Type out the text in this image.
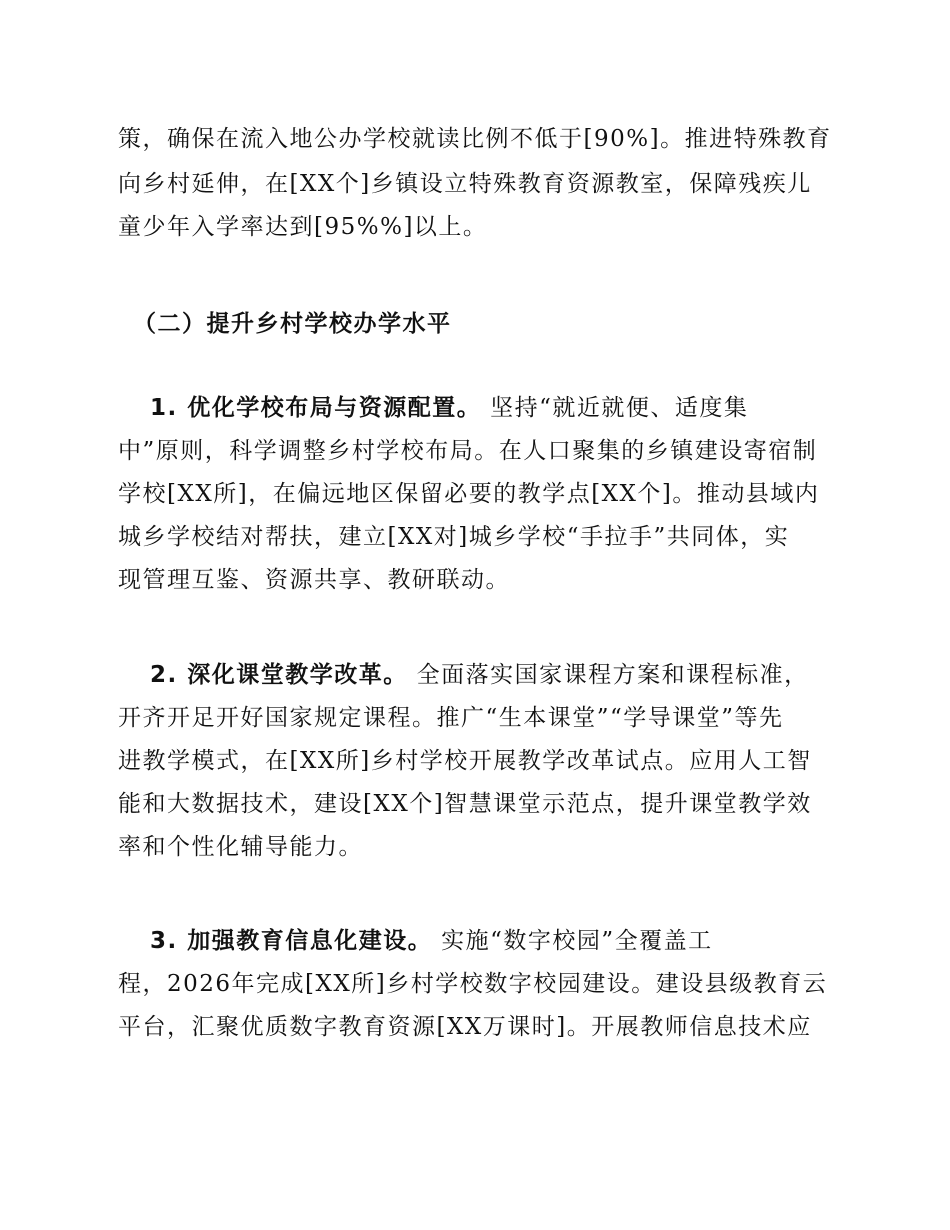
策，确保在流入地公办学校就读比例不低于[90%]。推进特殊教育
向乡村延伸，在[XX个]乡镇设立特殊教育资源教室，保障残疾儿
童少年入学率达到[95%%]以上。
（二）提升乡村学校办学水平
1. 优化学校布局与资源配置。 坚持“就近就便、适度集
中”原则，科学调整乡村学校布局。在人口聚集的乡镇建设寄宿制
学校[XX所]，在偏远地区保留必要的教学点[XX个]。推动县域内
城乡学校结对帮扶，建立[XX对]城乡学校“手拉手”共同体，实
现管理互鉴、资源共享、教研联动。
2. 深化课堂教学改革。 全面落实国家课程方案和课程标准，
开齐开足开好国家规定课程。推广“生本课堂”“学导课堂”等先
进教学模式，在[XX所]乡村学校开展教学改革试点。应用人工智
能和大数据技术，建设[XX个]智慧课堂示范点，提升课堂教学效
率和个性化辅导能力。
3. 加强教育信息化建设。 实施“数字校园”全覆盖工
程，2026年完成[XX所]乡村学校数字校园建设。建设县级教育云
平台，汇聚优质数字教育资源[XX万课时]。开展教师信息技术应
